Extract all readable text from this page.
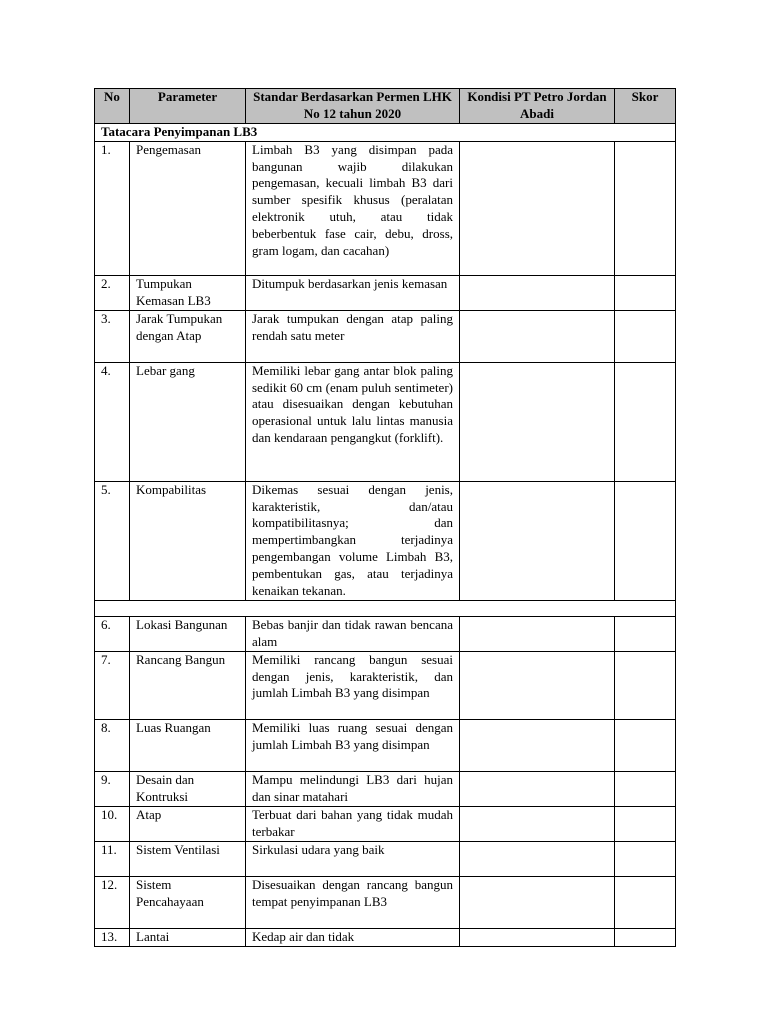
No	Parameter	Standar Berdasarkan Permen LHK No 12 tahun 2020	Kondisi PT Petro Jordan Abadi	Skor
Tatacara Penyimpanan LB3				
1.	Pengemasan	Limbah B3 yang disimpan pada bangunan wajib dilakukan pengemasan, kecuali limbah B3 dari sumber spesifik khusus (peralatan elektronik utuh, atau tidak beberbentuk fase cair, debu, dross, gram logam, dan cacahan)		
2.	Tumpukan Kemasan LB3	Ditumpuk berdasarkan jenis kemasan		
3.	Jarak Tumpukan dengan Atap	Jarak tumpukan dengan atap paling rendah satu meter		
4.	Lebar gang	Memiliki lebar gang antar blok paling sedikit 60 cm (enam puluh sentimeter) atau disesuaikan dengan kebutuhan operasional untuk lalu lintas manusia dan kendaraan pengangkut (forklift).		
5.	Kompabilitas	Dikemas sesuai dengan jenis, karakteristik, dan/atau kompatibilitasnya; dan mempertimbangkan terjadinya pengembangan volume Limbah B3, pembentukan gas, atau terjadinya kenaikan tekanan.		

6.	Lokasi Bangunan	Bebas banjir dan tidak rawan bencana alam		
7.	Rancang Bangun	Memiliki rancang bangun sesuai dengan jenis, karakteristik, dan jumlah Limbah B3 yang disimpan		
8.	Luas Ruangan	Memiliki luas ruang sesuai dengan jumlah Limbah B3 yang disimpan		
9.	Desain dan Kontruksi	Mampu melindungi LB3 dari hujan dan sinar matahari		
10.	Atap	Terbuat dari bahan yang tidak mudah terbakar		
11.	Sistem Ventilasi	Sirkulasi udara yang baik		
12.	Sistem Pencahayaan	Disesuaikan dengan rancang bangun tempat penyimpanan LB3		
13.	Lantai	Kedap air dan tidak		
